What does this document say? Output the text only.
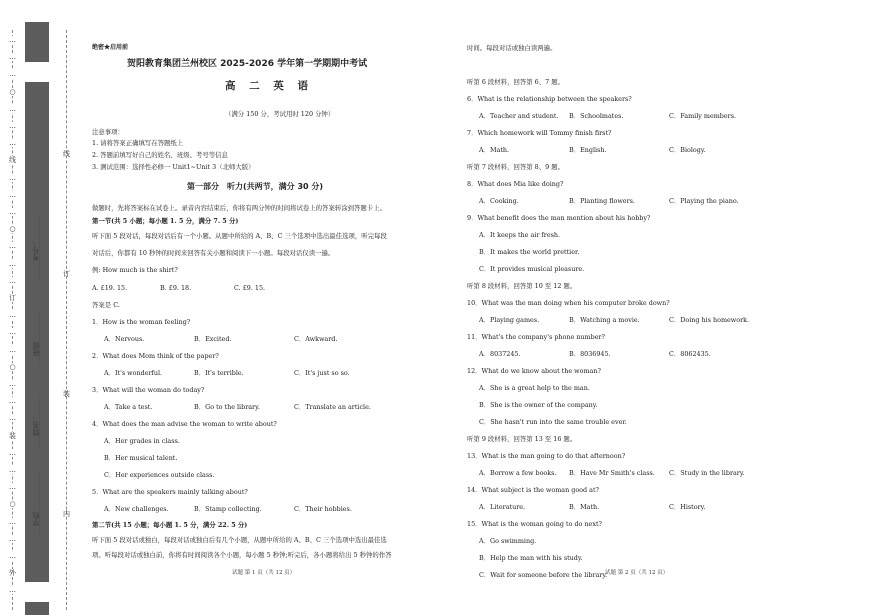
…
…
…
○
…
…
…
线
…
…
…
○
…
…
…
订
…
…
…
○
…
…
…
装
…
…
…
○
…
…
…
外
…
考号：
班级：
姓名：
学校：
线
订
装
内
绝密★启用前
贺阳教育集团兰州校区 2025-2026 学年第一学期期中考试
高 二 英 语
（满分 150 分，考试用时 120 分钟）
注意事项：
1. 请将答案正确填写在答题纸上
2. 答题前填写好自己的姓名、班级、考号等信息
3. 测试范围：选择性必修一 Unit1~Unit 3（北师大版）
第一部分　听力(共两节，满分 30 分)
做题时，先将答案标在试卷上。录音内容结束后，你将有两分钟的时间将试卷上的答案转涂到答题卡上。
第一节(共 5 小题；每小题 1. 5 分，满分 7. 5 分)
听下面 5 段对话，每段对话后有一个小题。从题中所给的 A、B、C 三个选项中选出最佳选项，听完每段
对话后，你都有 10 秒钟的时间来回答有关小题和阅读下一小题。每段对话仅读一遍。
例: How much is the shirt?
A. £19. 15.	B. £9. 18.	C. £9. 15.
答案是 C.
1．How is the woman feeling?
A．Nervous.	B．Excited.	C．Awkward.
2．What does Mom think of the paper?
A．It's wonderful.	B．It's terrible.	C．It's just so so.
3．What will the woman do today?
A．Take a test.	B．Go to the library.	C．Translate an article.
4．What does the man advise the woman to write about?
A．Her grades in class.
B．Her musical talent.
C．Her experiences outside class.
5．What are the speakers mainly talking about?
A．New challenges.	B．Stamp collecting.	C．Their hobbies.
第二节(共 15 小题；每小题 1. 5 分，满分 22. 5 分)
听下面 5 段对话或独白，每段对话或独白后有几个小题，从题中所给的 A、B、C 三个选项中选出最佳选
项。听每段对话或独白前，你将有时间阅读各个小题，每小题 5 秒钟;听完后，各小题将给出 5 秒钟的作答
试题 第 1 页（共 12 页）
时间。每段对话或独白读两遍。
试题 第 2 页（共 12 页）
听第 6 段材料，回答第 6、7 题。
6．What is the relationship between the speakers?
A．Teacher and student. B．Schoolmates.	C．Family members.
7．Which homework will Tommy finish first?
A．Math.	B．English.	C．Biology.
听第 7 段材料，回答第 8、9 题。
8．What does Mia like doing?
A．Cooking.	B．Planting flowers.	C．Playing the piano.
9．What benefit does the man mention about his hobby?
A．It keeps the air fresh.
B．It makes the world prettier.
C．It provides musical pleasure.
听第 8 段材料，回答第 10 至 12 题。
10．What was the man doing when his computer broke down?
A．Playing games.	B．Watching a movie.	C．Doing his homework.
11．What's the company's phone number?
A．8037245.	B．8036945.	C．8062435.
12．What do we know about the woman?
A．She is a great help to the man.
B．She is the owner of the company.
C．She hasn't run into the same trouble ever.
听第 9 段材料，回答第 13 至 16 题。
13．What is the man going to do that afternoon?
A．Borrow a few books. B．Have Mr Smith's class. C．Study in the library.
14．What subject is the woman good at?
A．Literature.	B．Math.	C．History.
15．What is the woman going to do next?
A．Go swimming.
B．Help the man with his study.
C．Wait for someone before the library.
